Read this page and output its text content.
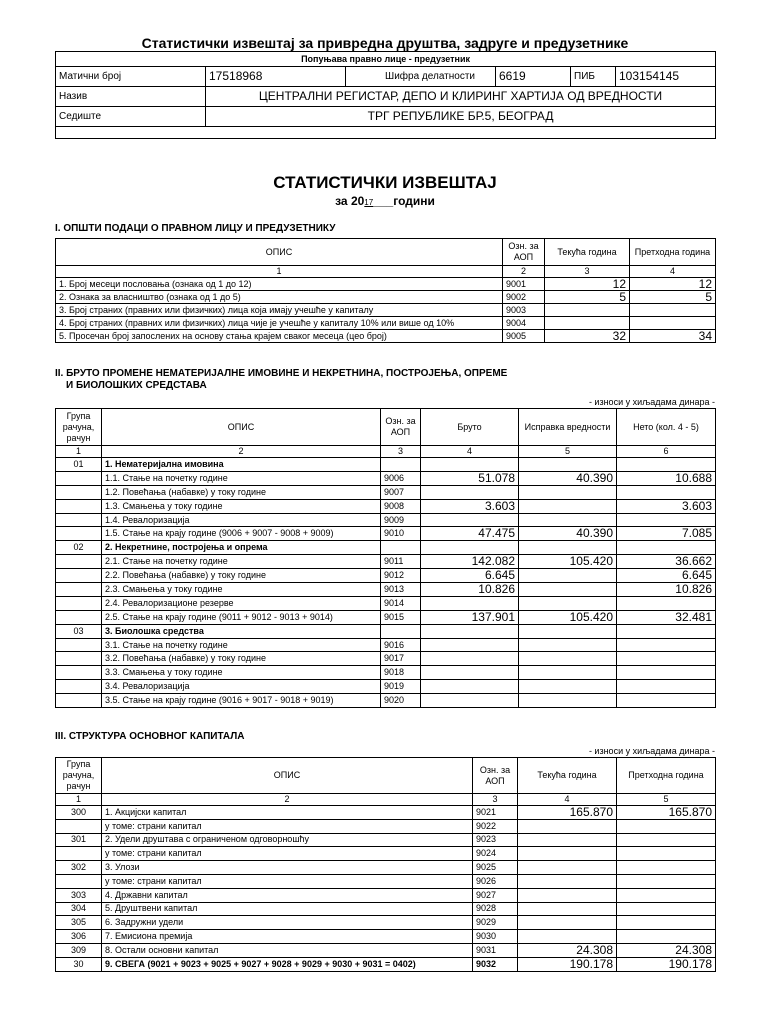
Статистички извештај за привредна друштва, задруге и предузетнике
Попуњава правно лице - предузетник					
Матични број	17518968	Шифра делатности	6619	ПИБ	103154145
Назив	ЦЕНТРАЛНИ РЕГИСТАР, ДЕПО И КЛИРИНГ ХАРТИЈА ОД ВРЕДНОСТИ				
Седиште	ТРГ РЕПУБЛИКЕ БР.5, БЕОГРАД				

СТАТИСТИЧКИ ИЗВЕШТАЈ
за 2017___години
I. ОПШТИ ПОДАЦИ О ПРАВНОМ ЛИЦУ И ПРЕДУЗЕТНИКУ
ОПИС	Озн. за АОП	Текућа година	Претходна година
1	2	3	4
1. Број месеци пословања (ознака од 1 до 12)	9001	12	12
2. Ознака за власништво (ознака од 1 до 5)	9002	5	5
3. Број страних (правних или физичких) лица која имају учешће у капиталу	9003		
4. Број страних (правних или физичких) лица чије је учешће у капиталу 10% или више од 10%	9004		
5. Просечан број запослених на основу стања крајем сваког месеца (цео број)	9005	32	34
II. БРУТО ПРОМЕНЕ НЕМАТЕРИЈАЛНЕ ИМОВИНЕ И НЕКРЕТНИНА, ПОСТРОЈЕЊА, ОПРЕМЕ
И БИОЛОШКИХ СРЕДСТАВА
- износи у хиљадама динара -
Група рачуна, рачун	ОПИС	Озн. за АОП	Бруто	Исправка вредности	Нето (кол. 4 - 5)
1	2	3	4	5	6
01	1. Нематеријална имовина				
	1.1. Стање на почетку године	9006	51.078	40.390	10.688
	1.2. Повећања (набавке) у току године	9007			
	1.3. Смањења у току године	9008	3.603		3.603
	1.4. Ревалоризација	9009			
	1.5. Стање на крају године (9006 + 9007 - 9008 + 9009)	9010	47.475	40.390	7.085
02	2. Некретнине, постројења и опрема				
	2.1. Стање на почетку године	9011	142.082	105.420	36.662
	2.2. Повећања (набавке) у току године	9012	6.645		6.645
	2.3. Смањења у току године	9013	10.826		10.826
	2.4. Ревалоризационе резерве	9014			
	2.5. Стање на крају године (9011 + 9012 - 9013 + 9014)	9015	137.901	105.420	32.481
03	3. Биолошка средства				
	3.1. Стање на почетку године	9016			
	3.2. Повећања (набавке) у току године	9017			
	3.3. Смањења у току године	9018			
	3.4. Ревалоризација	9019			
	3.5. Стање на крају године (9016 + 9017 - 9018 + 9019)	9020			
III. СТРУКТУРА ОСНОВНОГ КАПИТАЛА
- износи у хиљадама динара -
Група рачуна, рачун	ОПИС	Озн. за АОП	Текућа година	Претходна година
1	2	3	4	5
300	1. Акцијски капитал	9021	165.870	165.870
	у томе: страни капитал	9022		
301	2. Удели друштава с ограниченом одговорношћу	9023		
	у томе: страни капитал	9024		
302	3. Улози	9025		
	у томе: страни капитал	9026		
303	4. Државни капитал	9027		
304	5. Друштвени капитал	9028		
305	6. Задружни удели	9029		
306	7. Емисиона премија	9030		
309	8. Остали основни капитал	9031	24.308	24.308
30	9. СВЕГА (9021 + 9023 + 9025 + 9027 + 9028 + 9029 + 9030 + 9031 = 0402)	9032	190.178	190.178
